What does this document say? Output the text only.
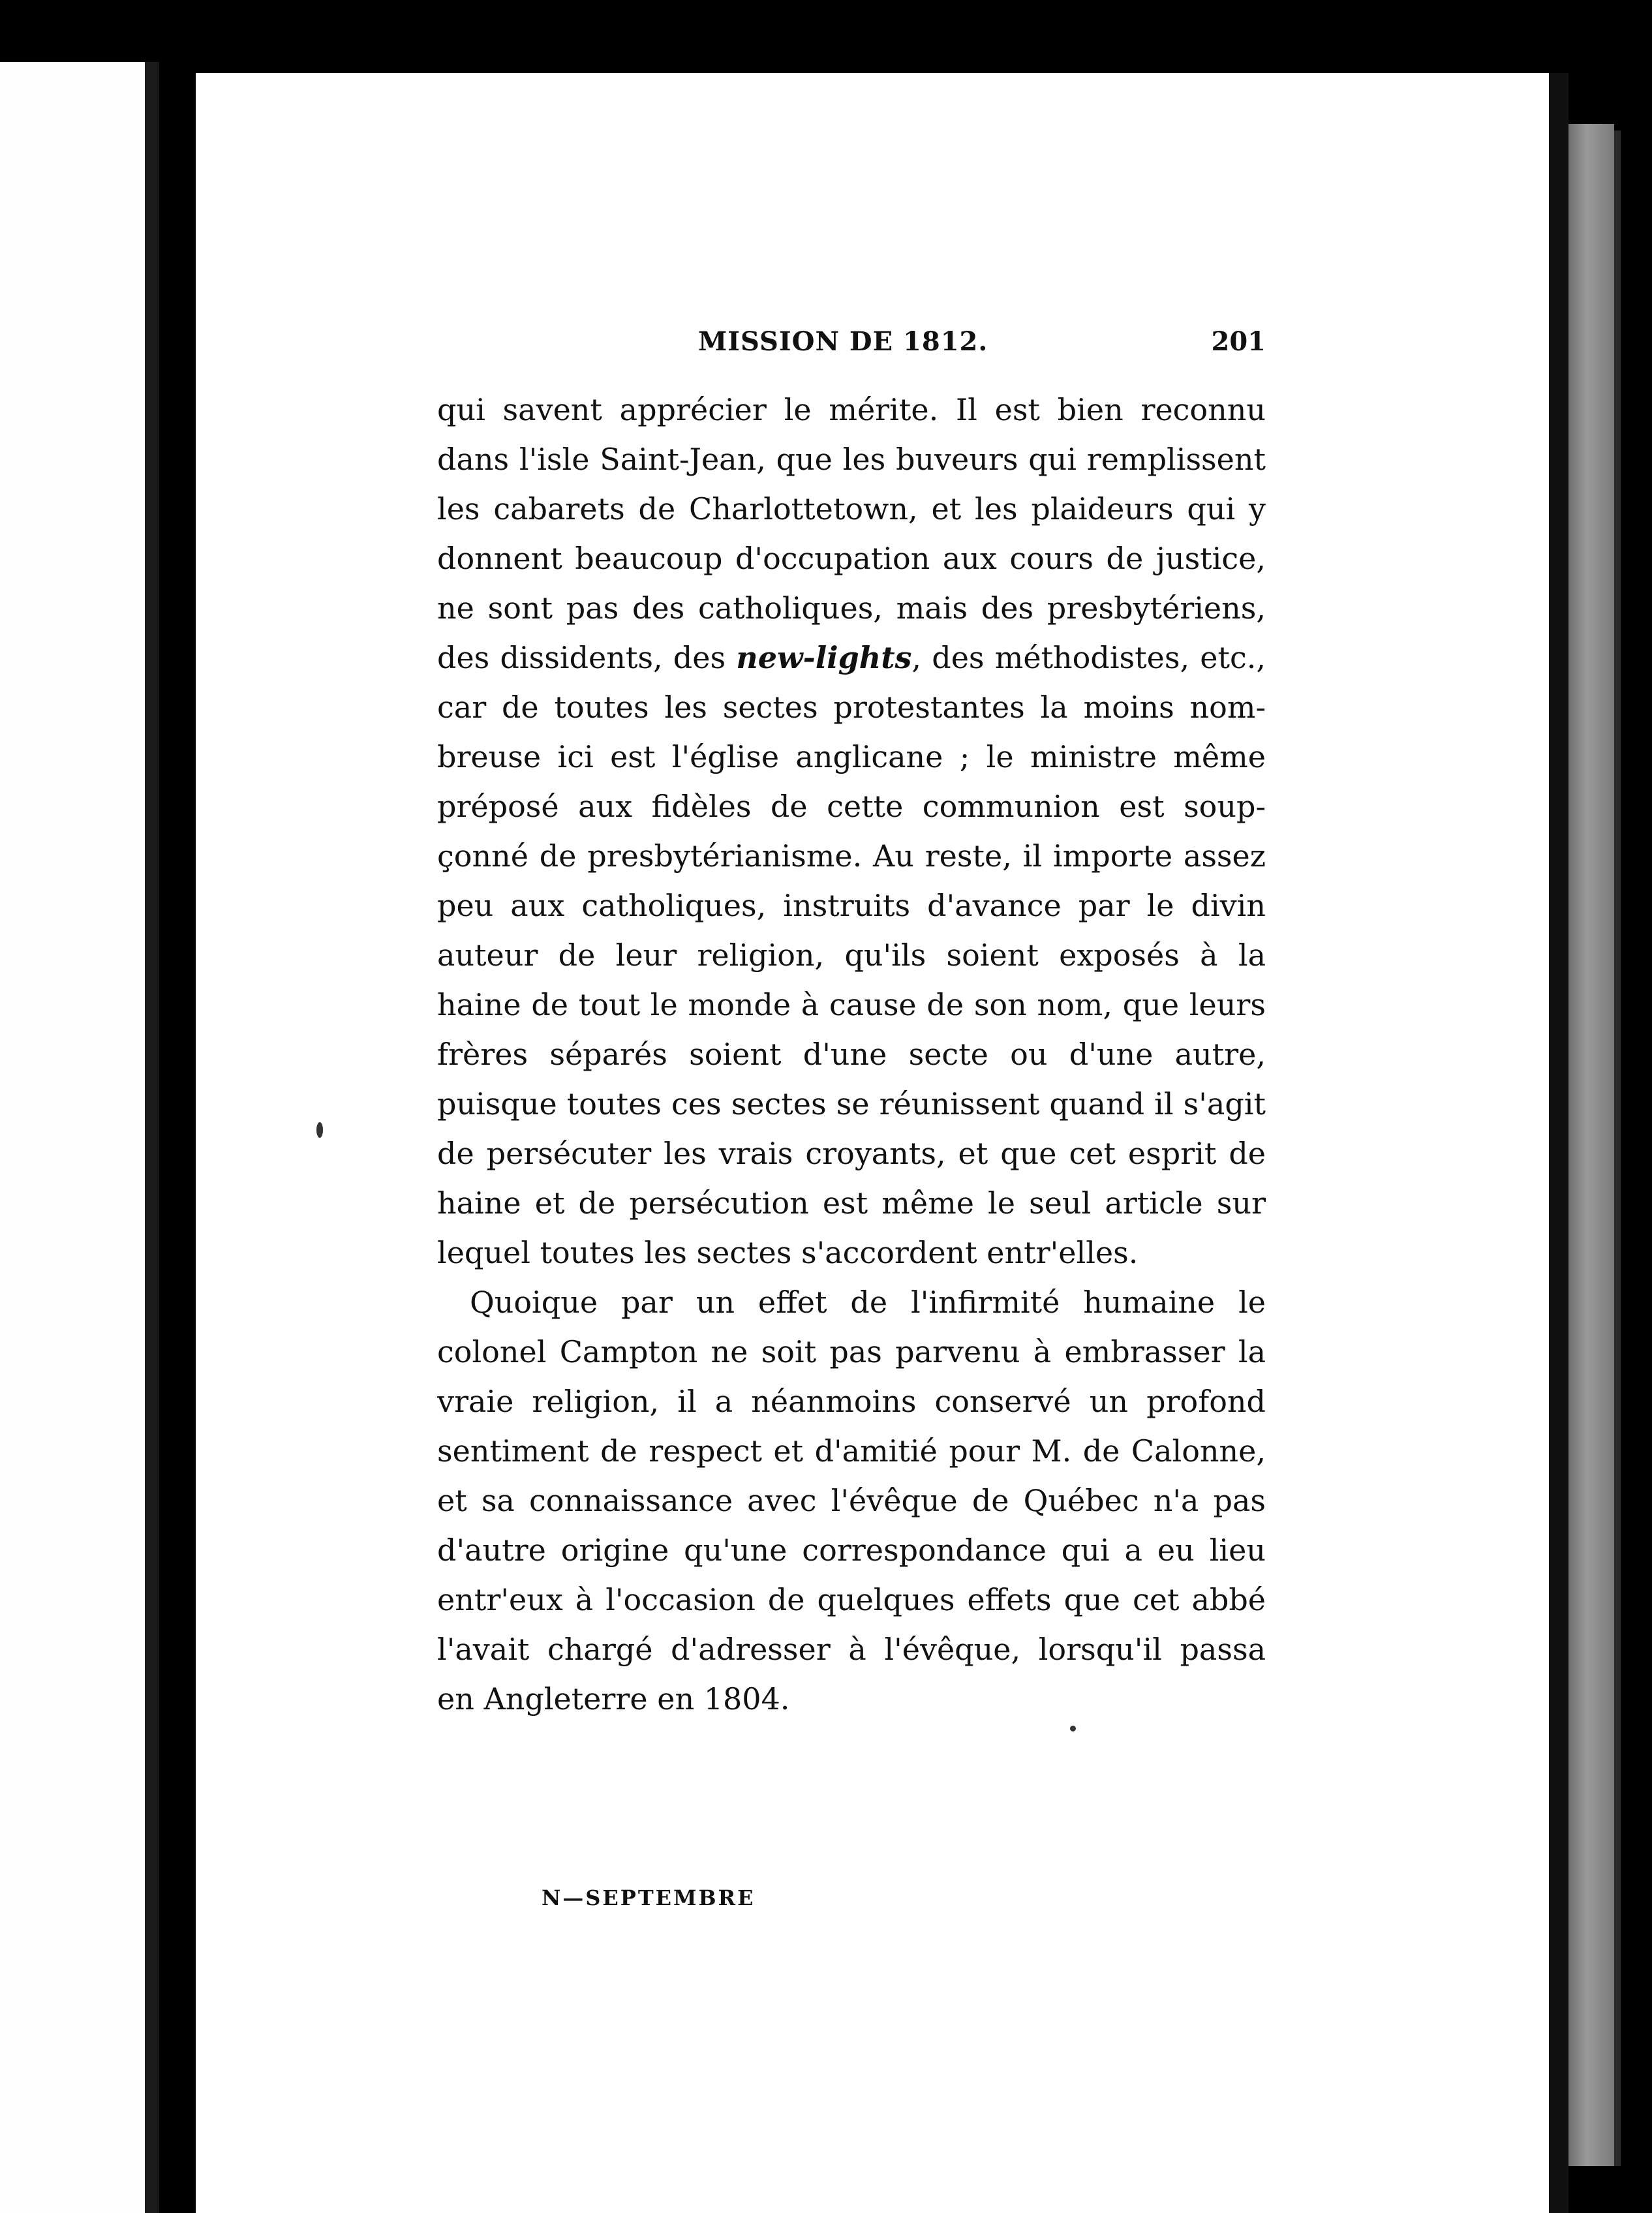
MISSION DE 1812.	201
qui savent apprécier le mérite. Il est bien reconnu
dans l'isle Saint-Jean, que les buveurs qui remplissent
les cabarets de Charlottetown, et les plaideurs qui y
donnent beaucoup d'occupation aux cours de justice,
ne sont pas des catholiques, mais des presbytériens,
des dissidents, des new-lights, des méthodistes, etc.,
car de toutes les sectes protestantes la moins nom-
breuse ici est l'église anglicane ; le ministre même
préposé aux fidèles de cette communion est soup-
çonné de presbytérianisme. Au reste, il importe assez
peu aux catholiques, instruits d'avance par le divin
auteur de leur religion, qu'ils soient exposés à la
haine de tout le monde à cause de son nom, que leurs
frères séparés soient d'une secte ou d'une autre,
puisque toutes ces sectes se réunissent quand il s'agit
de persécuter les vrais croyants, et que cet esprit de
haine et de persécution est même le seul article sur
lequel toutes les sectes s'accordent entr'elles.
Quoique par un effet de l'infirmité humaine le
colonel Campton ne soit pas parvenu à embrasser la
vraie religion, il a néanmoins conservé un profond
sentiment de respect et d'amitié pour M. de Calonne,
et sa connaissance avec l'évêque de Québec n'a pas
d'autre origine qu'une correspondance qui a eu lieu
entr'eux à l'occasion de quelques effets que cet abbé
l'avait chargé d'adresser à l'évêque, lorsqu'il passa
en Angleterre en 1804.
N—SEPTEMBRE
